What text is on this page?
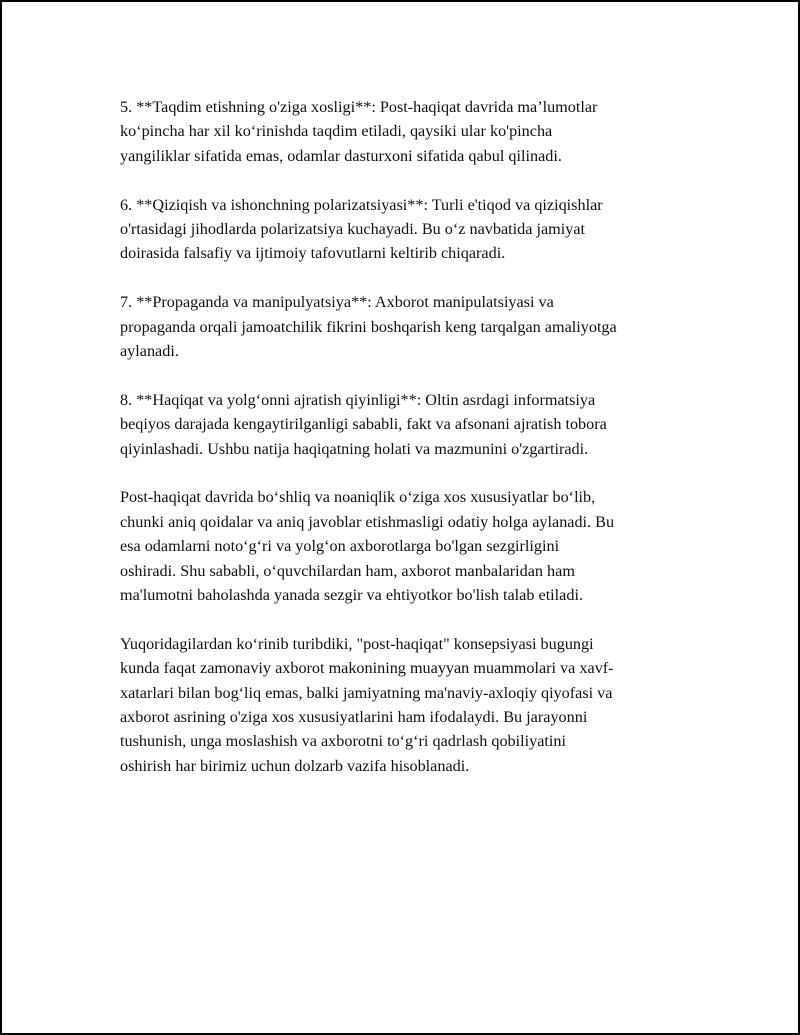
5. **Taqdim etishning o'ziga xosligi**: Post-haqiqat davrida ma’lumotlar
ko‘pincha har xil ko‘rinishda taqdim etiladi, qaysiki ular ko'pincha
yangiliklar sifatida emas, odamlar dasturxoni sifatida qabul qilinadi.

6. **Qiziqish va ishonchning polarizatsiyasi**: Turli e'tiqod va qiziqishlar
o'rtasidagi jihodlarda polarizatsiya kuchayadi. Bu o‘z navbatida jamiyat
doirasida falsafiy va ijtimoiy tafovutlarni keltirib chiqaradi.

7. **Propaganda va manipulyatsiya**: Axborot manipulatsiyasi va
propaganda orqali jamoatchilik fikrini boshqarish keng tarqalgan amaliyotga
aylanadi.

8. **Haqiqat va yolg‘onni ajratish qiyinligi**: Oltin asrdagi informatsiya
beqiyos darajada kengaytirilganligi sababli, fakt va afsonani ajratish tobora
qiyinlashadi. Ushbu natija haqiqatning holati va mazmunini o'zgartiradi.

Post-haqiqat davrida bo‘shliq va noaniqlik o‘ziga xos xususiyatlar bo‘lib,
chunki aniq qoidalar va aniq javoblar etishmasligi odatiy holga aylanadi. Bu
esa odamlarni noto‘g‘ri va yolg‘on axborotlarga bo'lgan sezgirligini
oshiradi. Shu sababli, o‘quvchilardan ham, axborot manbalaridan ham
ma'lumotni baholashda yanada sezgir va ehtiyotkor bo'lish talab etiladi.

Yuqoridagilardan ko‘rinib turibdiki, "post-haqiqat" konsepsiyasi bugungi
kunda faqat zamonaviy axborot makonining muayyan muammolari va xavf-
xatarlari bilan bog‘liq emas, balki jamiyatning ma'naviy-axloqiy qiyofasi va
axborot asrining o'ziga xos xususiyatlarini ham ifodalaydi. Bu jarayonni
tushunish, unga moslashish va axborotni to‘g‘ri qadrlash qobiliyatini
oshirish har birimiz uchun dolzarb vazifa hisoblanadi.
